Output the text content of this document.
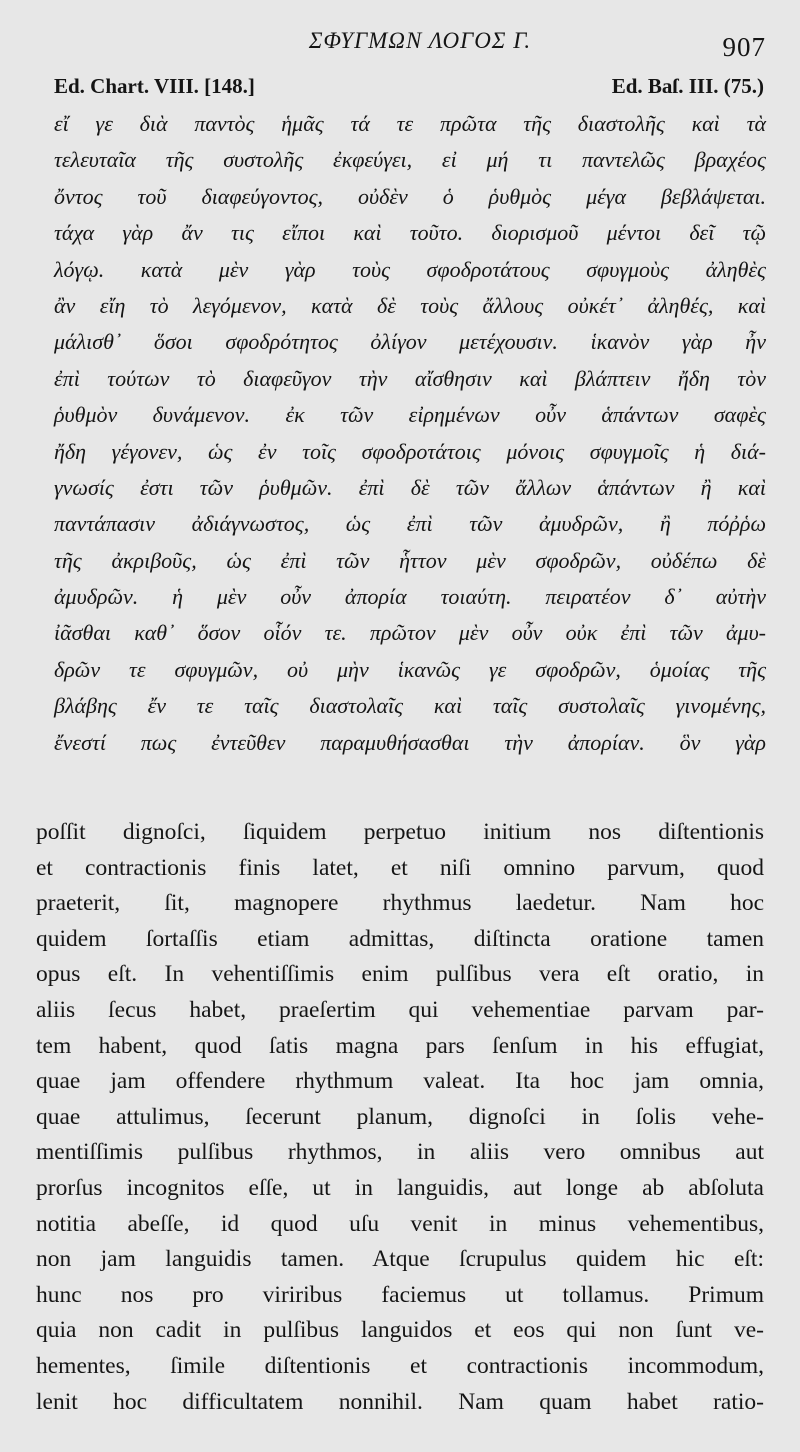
ΣΦΥΓΜΩΝ ΛΟΓΟΣ Γ.	907
Ed. Chart. VIII. [148.]	Ed. Baſ. III. (75.)
εἴ γε διὰ παντὸς ἡμᾶς τά τε πρῶτα τῆς διαστολῆς καὶ τὰ
τελευταῖα τῆς συστολῆς ἐκφεύγει, εἰ μή τι παντελῶς βραχέος
ὄντος τοῦ διαφεύγοντος, οὐδὲν ὁ ῥυθμὸς μέγα βεβλάψεται.
τάχα γὰρ ἄν τις εἴποι καὶ τοῦτο. διορισμοῦ μέντοι δεῖ τῷ
λόγῳ. κατὰ μὲν γὰρ τοὺς σφοδροτάτους σφυγμοὺς ἀληθὲς
ἂν εἴη τὸ λεγόμενον, κατὰ δὲ τοὺς ἄλλους οὐκέτ᾽ ἀληθές, καὶ
μάλισθ᾽ ὅσοι σφοδρότητος ὀλίγον μετέχουσιν. ἱκανὸν γὰρ ἦν
ἐπὶ τούτων τὸ διαφεῦγον τὴν αἴσθησιν καὶ βλάπτειν ἤδη τὸν
ῥυθμὸν δυνάμενον. ἐκ τῶν εἰρημένων οὖν ἁπάντων σαφὲς
ἤδη γέγονεν, ὡς ἐν τοῖς σφοδροτάτοις μόνοις σφυγμοῖς ἡ διά-
γνωσίς ἐστι τῶν ῥυθμῶν. ἐπὶ δὲ τῶν ἄλλων ἁπάντων ἢ καὶ
παντάπασιν ἀδιάγνωστος, ὡς ἐπὶ τῶν ἀμυδρῶν, ἢ πόῤῥω
τῆς ἀκριβοῦς, ὡς ἐπὶ τῶν ἧττον μὲν σφοδρῶν, οὐδέπω δὲ
ἀμυδρῶν. ἡ μὲν οὖν ἀπορία τοιαύτη. πειρατέον δ᾽ αὐτὴν
ἰᾶσθαι καθ᾽ ὅσον οἷόν τε. πρῶτον μὲν οὖν οὐκ ἐπὶ τῶν ἀμυ-
δρῶν τε σφυγμῶν, οὐ μὴν ἱκανῶς γε σφοδρῶν, ὁμοίας τῆς
βλάβης ἔν τε ταῖς διαστολαῖς καὶ ταῖς συστολαῖς γινομένης,
ἔνεστί πως ἐντεῦθεν παραμυθήσασθαι τὴν ἀπορίαν. ὃν γὰρ
poſſit dignoſci, ſiquidem perpetuo initium nos diſtentionis
et contractionis finis latet, et niſi omnino parvum, quod
praeterit, ſit, magnopere rhythmus laedetur. Nam hoc
quidem ſortaſſis etiam admittas, diſtincta oratione tamen
opus eſt. In vehentiſſimis enim pulſibus vera eſt oratio, in
aliis ſecus habet, praeſertim qui vehementiae parvam par-
tem habent, quod ſatis magna pars ſenſum in his effugiat,
quae jam offendere rhythmum valeat. Ita hoc jam omnia,
quae attulimus, ſecerunt planum, dignoſci in ſolis vehe-
mentiſſimis pulſibus rhythmos, in aliis vero omnibus aut
prorſus incognitos eſſe, ut in languidis, aut longe ab abſoluta
notitia abeſſe, id quod uſu venit in minus vehementibus,
non jam languidis tamen. Atque ſcrupulus quidem hic eſt:
hunc nos pro viriribus faciemus ut tollamus. Primum
quia non cadit in pulſibus languidos et eos qui non ſunt ve-
hementes, ſimile diſtentionis et contractionis incommodum,
lenit hoc difficultatem nonnihil. Nam quam habet ratio-
